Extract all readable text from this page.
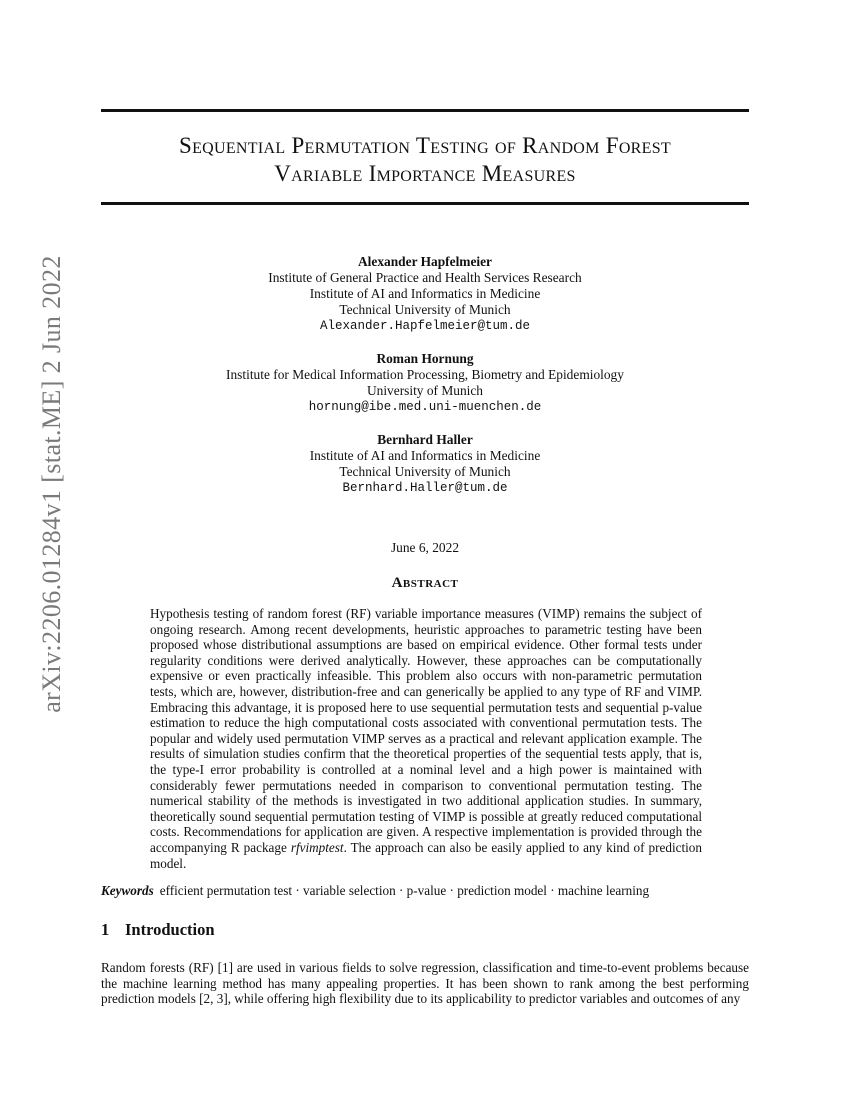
arXiv:2206.01284v1 [stat.ME] 2 Jun 2022
Sequential Permutation Testing of Random Forest
Variable Importance Measures
Alexander Hapfelmeier
Institute of General Practice and Health Services Research
Institute of AI and Informatics in Medicine
Technical University of Munich
Alexander.Hapfelmeier@tum.de
Roman Hornung
Institute for Medical Information Processing, Biometry and Epidemiology
University of Munich
hornung@ibe.med.uni-muenchen.de
Bernhard Haller
Institute of AI and Informatics in Medicine
Technical University of Munich
Bernhard.Haller@tum.de
June 6, 2022
Abstract
Hypothesis testing of random forest (RF) variable importance measures (VIMP) remains the subject of ongoing research. Among recent developments, heuristic approaches to parametric testing have been proposed whose distributional assumptions are based on empirical evidence. Other formal tests under regularity conditions were derived analytically. However, these approaches can be computationally expensive or even practically infeasible. This problem also occurs with non-parametric permutation tests, which are, however, distribution-free and can generically be applied to any type of RF and VIMP. Embracing this advantage, it is proposed here to use sequential permutation tests and sequential p-value estimation to reduce the high computational costs associated with conventional permutation tests. The popular and widely used permutation VIMP serves as a practical and relevant application example. The results of simulation studies confirm that the theoretical properties of the sequential tests apply, that is, the type-I error probability is controlled at a nominal level and a high power is maintained with considerably fewer permutations needed in comparison to conventional permutation testing. The numerical stability of the methods is investigated in two additional application studies. In summary, theoretically sound sequential permutation testing of VIMP is possible at greatly reduced computational costs. Recommendations for application are given. A respective implementation is provided through the accompanying R package rfvimptest. The approach can also be easily applied to any kind of prediction model.
Keywords efficient permutation test · variable selection · p-value · prediction model · machine learning
1 Introduction
Random forests (RF) [1] are used in various fields to solve regression, classification and time-to-event problems because the machine learning method has many appealing properties. It has been shown to rank among the best performing prediction models [2, 3], while offering high flexibility due to its applicability to predictor variables and outcomes of any
